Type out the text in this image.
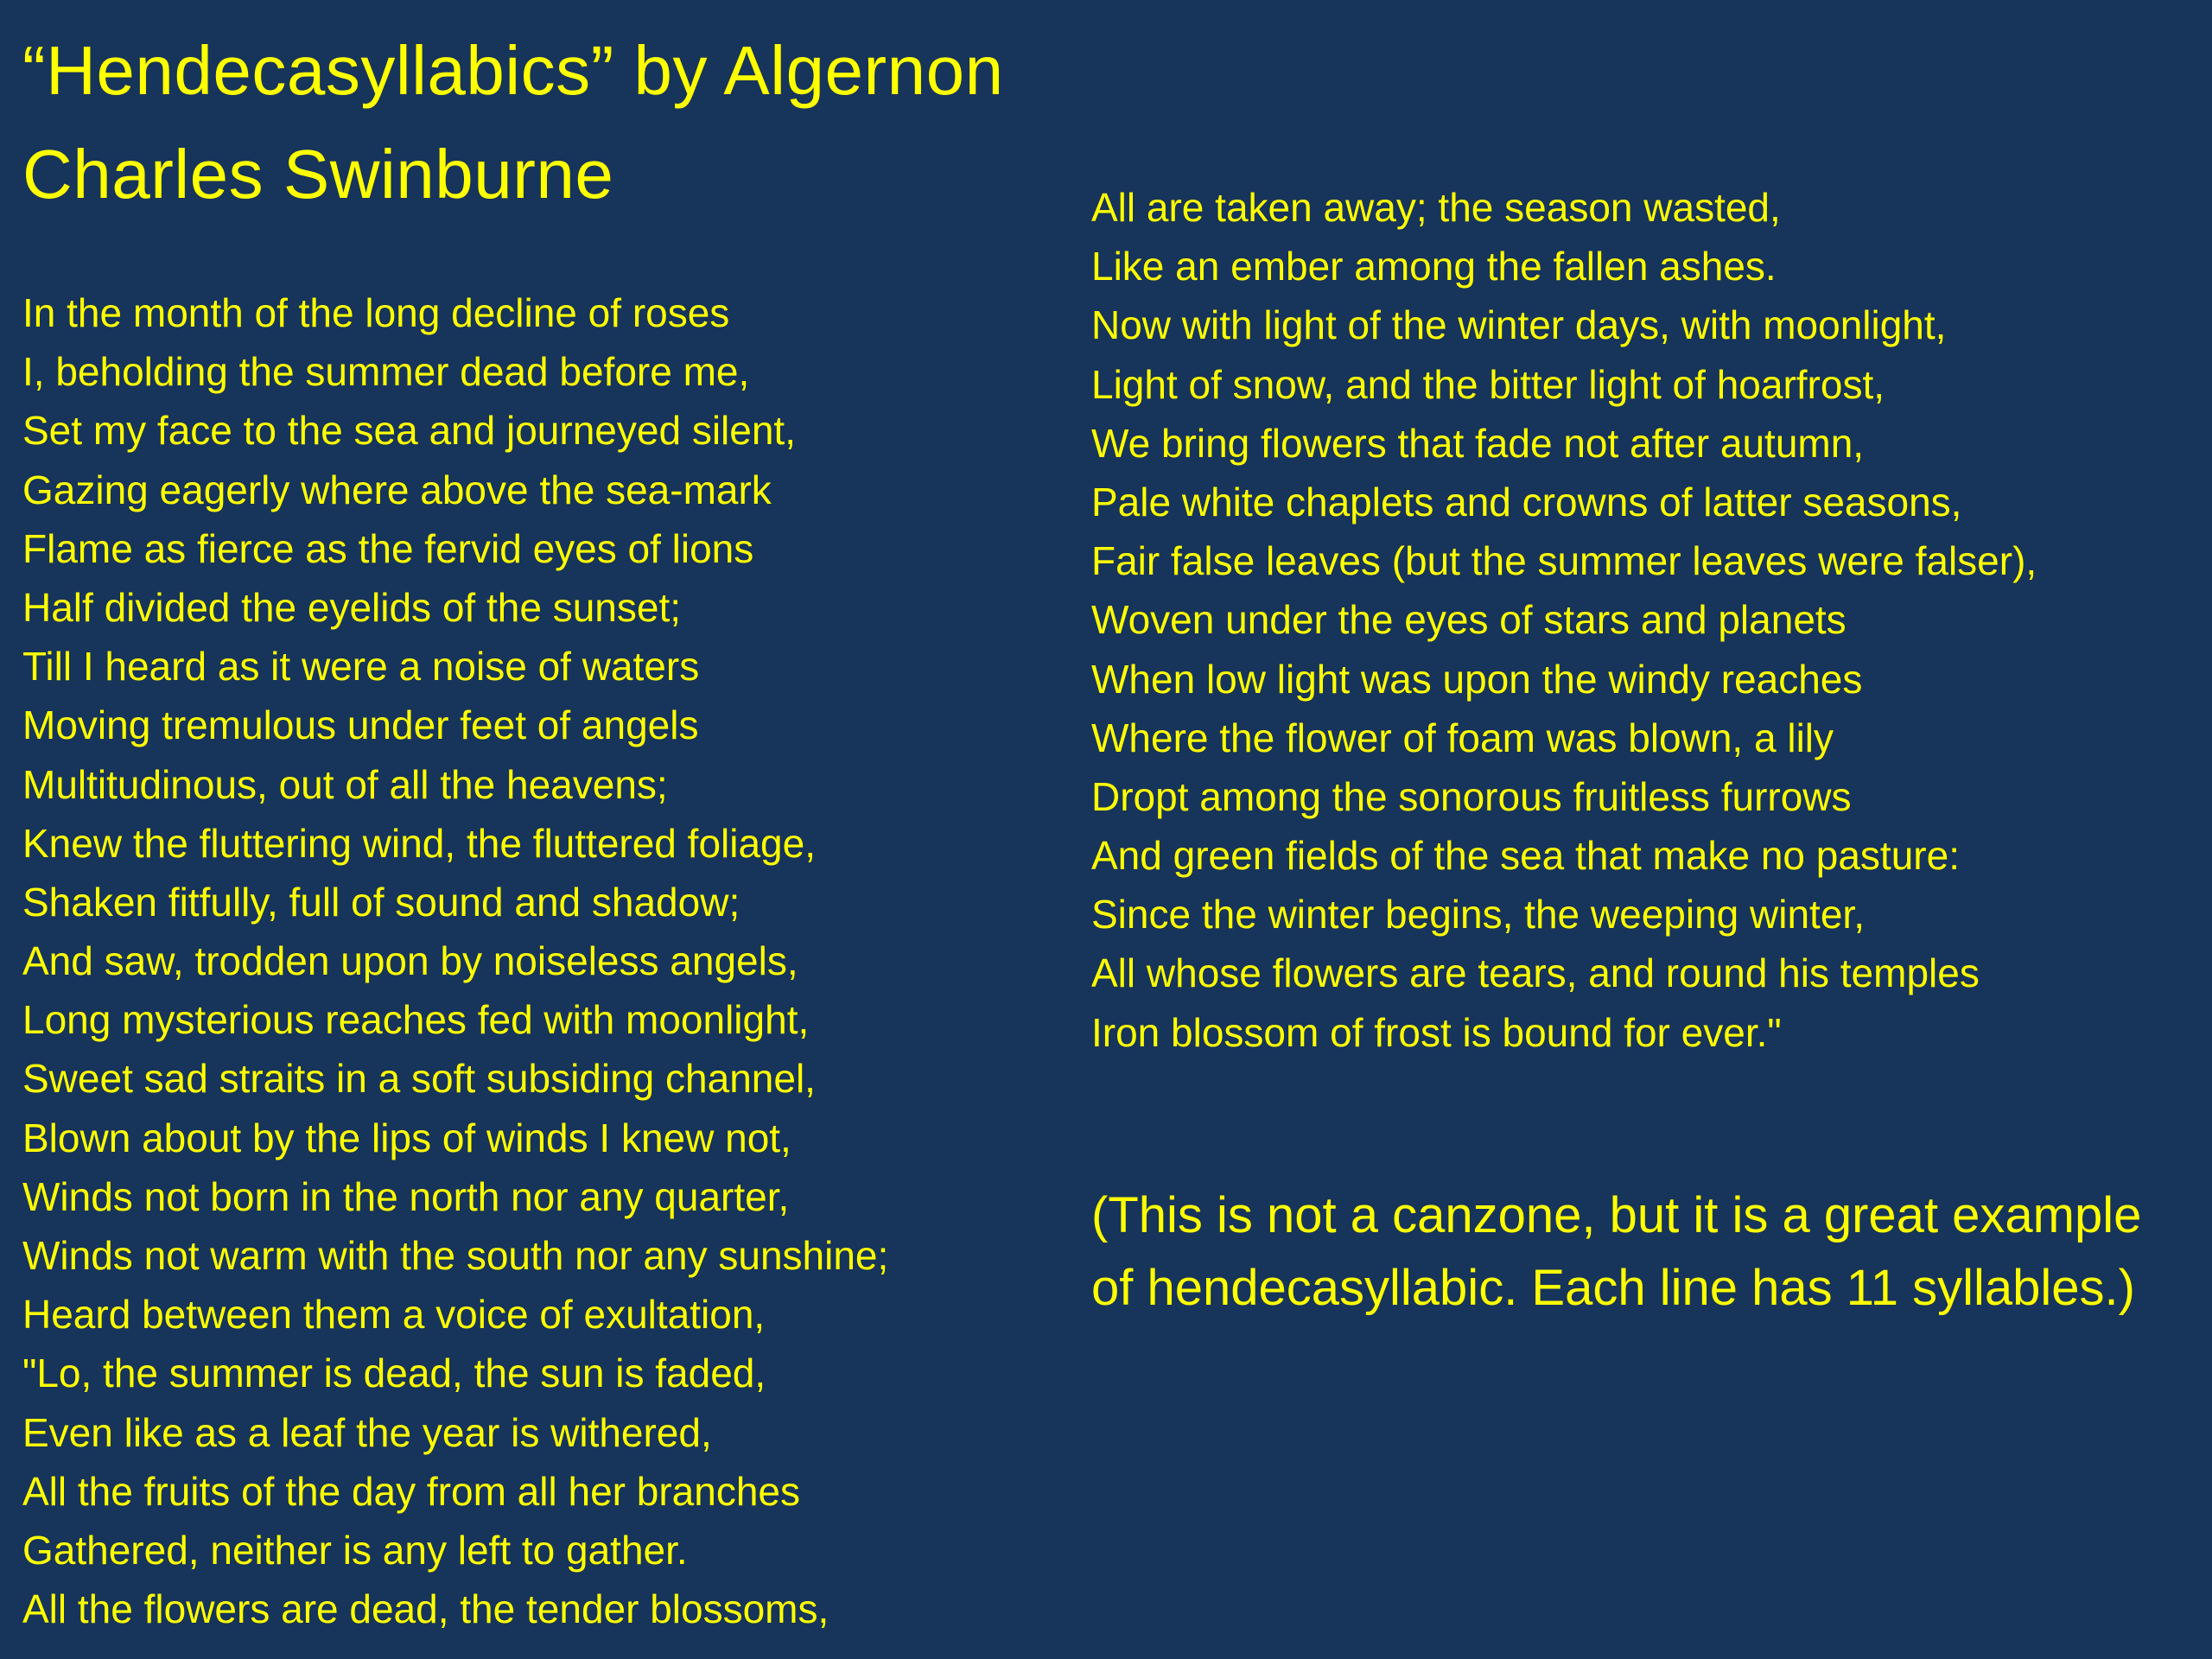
“Hendecasyllabics” by Algernon Charles Swinburne
In the month of the long decline of roses
I, beholding the summer dead before me,
Set my face to the sea and journeyed silent,
Gazing eagerly where above the sea-mark
Flame as fierce as the fervid eyes of lions
Half divided the eyelids of the sunset;
Till I heard as it were a noise of waters
Moving tremulous under feet of angels
Multitudinous, out of all the heavens;
Knew the fluttering wind, the fluttered foliage,
Shaken fitfully, full of sound and shadow;
And saw, trodden upon by noiseless angels,
Long mysterious reaches fed with moonlight,
Sweet sad straits in a soft subsiding channel,
Blown about by the lips of winds I knew not,
Winds not born in the north nor any quarter,
Winds not warm with the south nor any sunshine;
Heard between them a voice of exultation,
"Lo, the summer is dead, the sun is faded,
Even like as a leaf the year is withered,
All the fruits of the day from all her branches
Gathered, neither is any left to gather.
All the flowers are dead, the tender blossoms,
All are taken away; the season wasted,
Like an ember among the fallen ashes.
Now with light of the winter days, with moonlight,
Light of snow, and the bitter light of hoarfrost,
We bring flowers that fade not after autumn,
Pale white chaplets and crowns of latter seasons,
Fair false leaves (but the summer leaves were falser),
Woven under the eyes of stars and planets
When low light was upon the windy reaches
Where the flower of foam was blown, a lily
Dropt among the sonorous fruitless furrows
And green fields of the sea that make no pasture:
Since the winter begins, the weeping winter,
All whose flowers are tears, and round his temples
Iron blossom of frost is bound for ever."

(This is not a canzone, but it is a great example of hendecasyllabic. Each line has 11 syllables.)
